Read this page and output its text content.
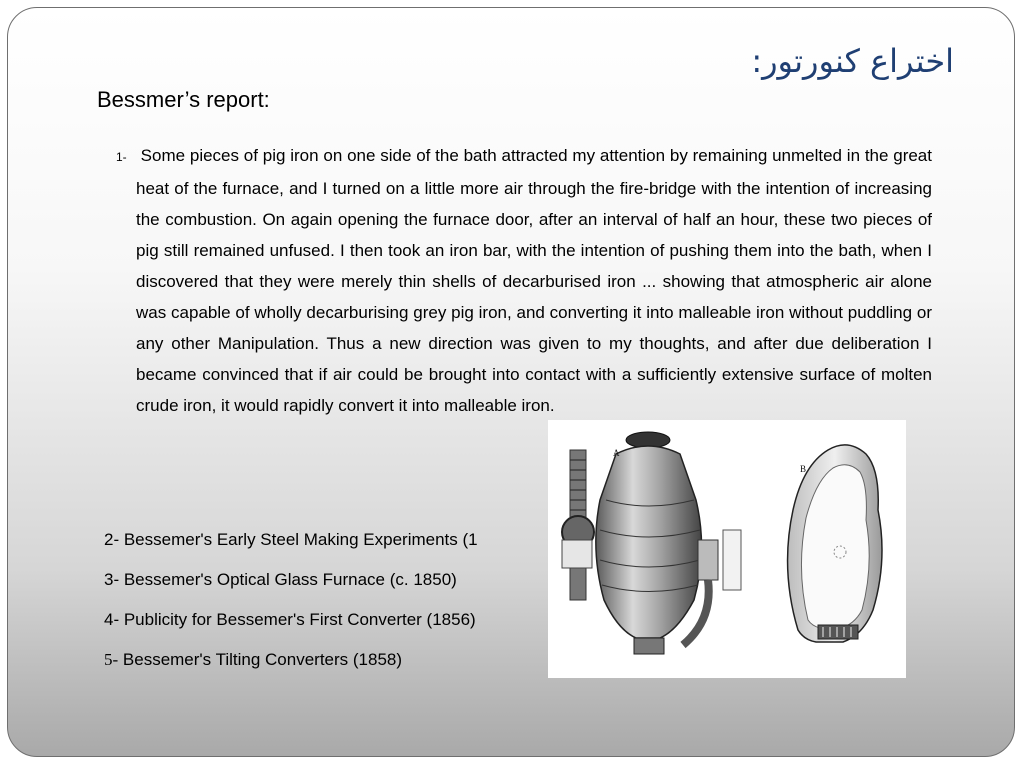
اختراع کنورتور:
Bessmer’s report:
1- Some pieces of pig iron on one side of the bath attracted my attention by remaining unmelted in the great heat of the furnace, and I turned on a little more air through the fire-bridge with the intention of increasing the combustion. On again opening the furnace door, after an interval of half an hour, these two pieces of pig still remained unfused. I then took an iron bar, with the intention of pushing them into the bath, when I discovered that they were merely thin shells of decarburised iron ... showing that atmospheric air alone was capable of wholly decarburising grey pig iron, and converting it into malleable iron without puddling or any other Manipulation. Thus a new direction was given to my thoughts, and after due deliberation I became convinced that if air could be brought into contact with a sufficiently extensive surface of molten crude iron, it would rapidly convert it into malleable iron.
2- Bessemer's Early Steel Making Experiments (1
3- Bessemer's Optical Glass Furnace (c. 1850)
4- Publicity for Bessemer's First Converter (1856)
5- Bessemer's Tilting Converters (1858)
A
B
